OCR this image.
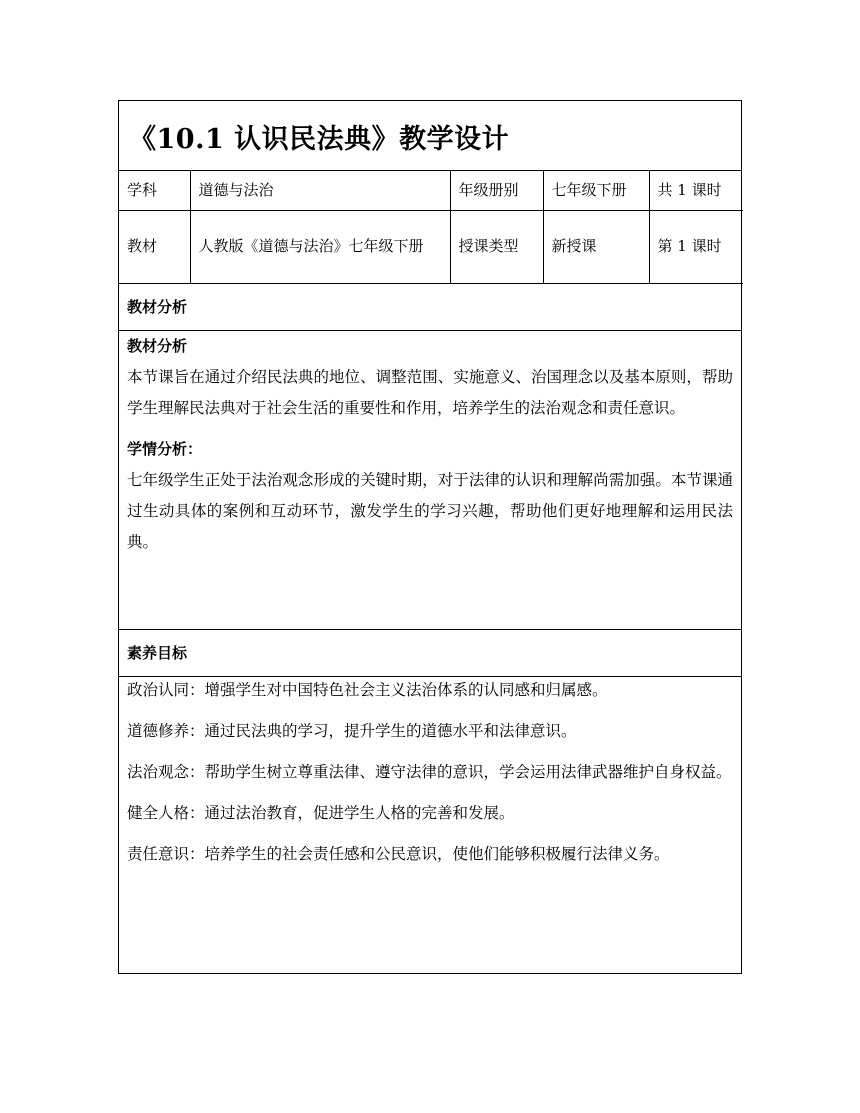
《10.1 认识民法典》教学设计
学科	道德与法治	年级册别	七年级下册	共 1 课时
教材	人教版《道德与法治》七年级下册	授课类型	新授课	第 1 课时
教材分析

教材分析

本节课旨在通过介绍民法典的地位、调整范围、实施意义、治国理念以及基本原则，帮助学生理解民法典对于社会生活的重要性和作用，培养学生的法治观念和责任意识。

学情分析：

七年级学生正处于法治观念形成的关键时期，对于法律的认识和理解尚需加强。本节课通过生动具体的案例和互动环节，激发学生的学习兴趣，帮助他们更好地理解和运用民法典。

素养目标

政治认同：增强学生对中国特色社会主义法治体系的认同感和归属感。

道德修养：通过民法典的学习，提升学生的道德水平和法律意识。

法治观念：帮助学生树立尊重法律、遵守法律的意识，学会运用法律武器维护自身权益。

健全人格：通过法治教育，促进学生人格的完善和发展。

责任意识：培养学生的社会责任感和公民意识，使他们能够积极履行法律义务。
